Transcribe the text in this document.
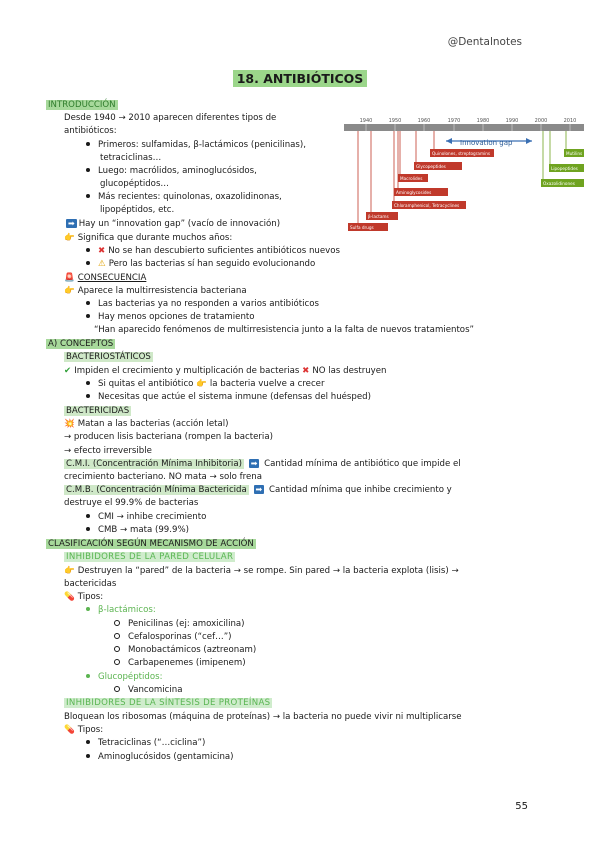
@Dentalnotes
18. ANTIBIÓTICOS
INTRODUCCIÓN
Desde 1940 → 2010 aparecen diferentes tipos de
antibióticos:
Primeros: sulfamidas, β-lactámicos (penicilinas),
tetraciclinas…
Luego: macrólidos, aminoglucósidos,
glucopéptidos…
Más recientes: quinolonas, oxazolidinonas,
lipopéptidos, etc.
➡ Hay un “innovation gap” (vacío de innovación)
👉 Significa que durante muchos años:
✖ No se han descubierto suficientes antibióticos nuevos
⚠ Pero las bacterias sí han seguido evolucionando
🚨 CONSECUENCIA
👉 Aparece la multirresistencia bacteriana
Las bacterias ya no responden a varios antibióticos
Hay menos opciones de tratamiento
“Han aparecido fenómenos de multirresistencia junto a la falta de nuevos tratamientos”
1940	1950	1960	1970	1980	1990	2000	2010
Innovation gap
Sulfa drugs
β-lactams
Chloramphenicol, Tetracyclines
Aminoglycosides
Macrolides
Glycopeptides
Quinolones, streptogramins
Oxazolidinones
Lipopeptides
Mutilins
A) CONCEPTOS
BACTERIOSTÁTICOS
✔ Impiden el crecimiento y multiplicación de bacterias ✖ NO las destruyen
Si quitas el antibiótico 👉 la bacteria vuelve a crecer
Necesitas que actúe el sistema inmune (defensas del huésped)
BACTERICIDAS
💥 Matan a las bacterias (acción letal)
→ producen lisis bacteriana (rompen la bacteria)
→ efecto irreversible
C.M.I. (Concentración Mínima Inhibitoria) ➡ Cantidad mínima de antibiótico que impide el
crecimiento bacteriano. NO mata → solo frena
C.M.B. (Concentración Mínima Bactericida ➡ Cantidad mínima que inhibe crecimiento y
destruye el 99.9% de bacterias
CMI → inhibe crecimiento
CMB → mata (99.9%)
CLASIFICACIÓN SEGÚN MECANISMO DE ACCIÓN
INHIBIDORES DE LA PARED CELULAR
👉 Destruyen la “pared” de la bacteria → se rompe. Sin pared → la bacteria explota (lisis) →
bactericidas
💊 Tipos:
β-lactámicos:
Penicilinas (ej: amoxicilina)
Cefalosporinas (“cef…”)
Monobactámicos (aztreonam)
Carbapenemes (imipenem)
Glucopéptidos:
Vancomicina
INHIBIDORES DE LA SÍNTESIS DE PROTEÍNAS
Bloquean los ribosomas (máquina de proteínas) → la bacteria no puede vivir ni multiplicarse
💊 Tipos:
Tetraciclinas (“…ciclina”)
Aminoglucósidos (gentamicina)
55
